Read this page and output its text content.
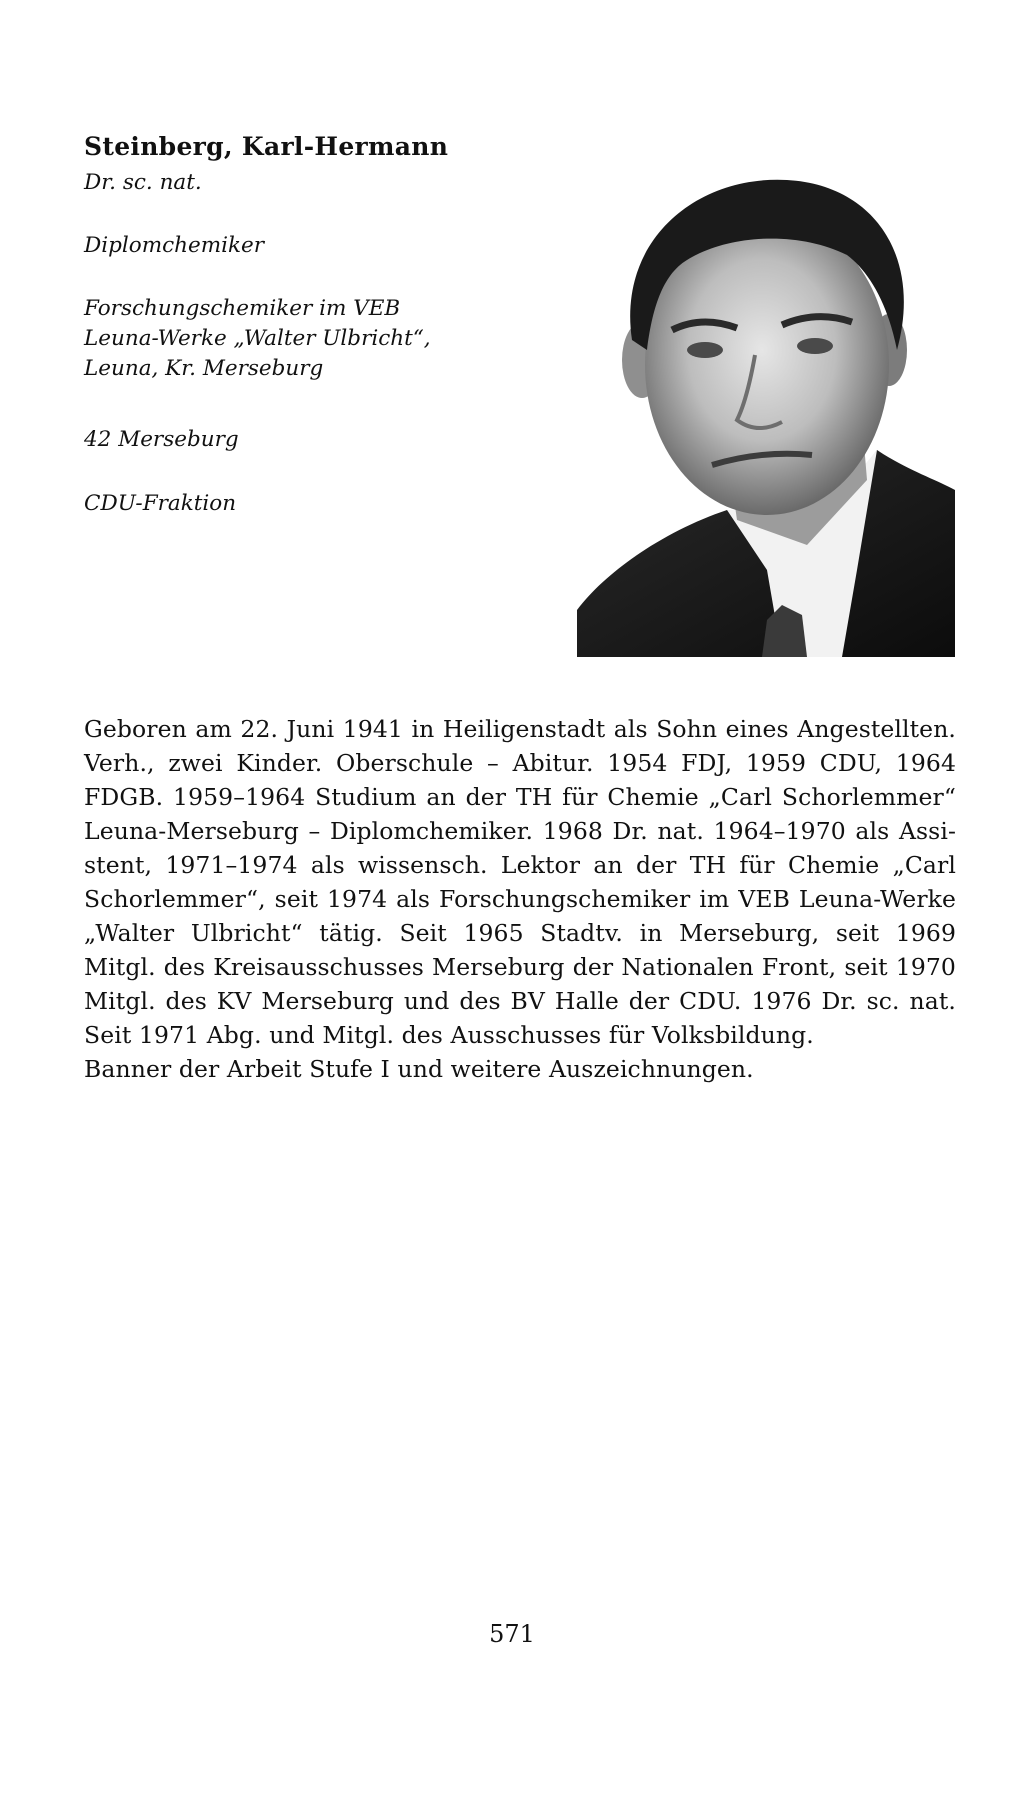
Steinberg, Karl-Hermann
Dr. sc. nat.
Diplomchemiker
Forschungschemiker im VEB
Leuna-Werke „Walter Ulbricht“,
Leuna, Kr. Merseburg
42 Merseburg
CDU-Fraktion
Geboren am 22. Juni 1941 in Heiligenstadt als Sohn eines Angestellten.
Verh., zwei Kinder. Oberschule – Abitur. 1954 FDJ, 1959 CDU, 1964
FDGB. 1959–1964 Studium an der TH für Chemie „Carl Schorlemmer“
Leuna-Merseburg – Diplomchemiker. 1968 Dr. nat. 1964–1970 als Assi-
stent, 1971–1974 als wissensch. Lektor an der TH für Chemie „Carl
Schorlemmer“, seit 1974 als Forschungschemiker im VEB Leuna-Werke
„Walter Ulbricht“ tätig. Seit 1965 Stadtv. in Merseburg, seit 1969
Mitgl. des Kreisausschusses Merseburg der Nationalen Front, seit 1970
Mitgl. des KV Merseburg und des BV Halle der CDU. 1976 Dr. sc. nat.
Seit 1971 Abg. und Mitgl. des Ausschusses für Volksbildung.
Banner der Arbeit Stufe I und weitere Auszeichnungen.
571
